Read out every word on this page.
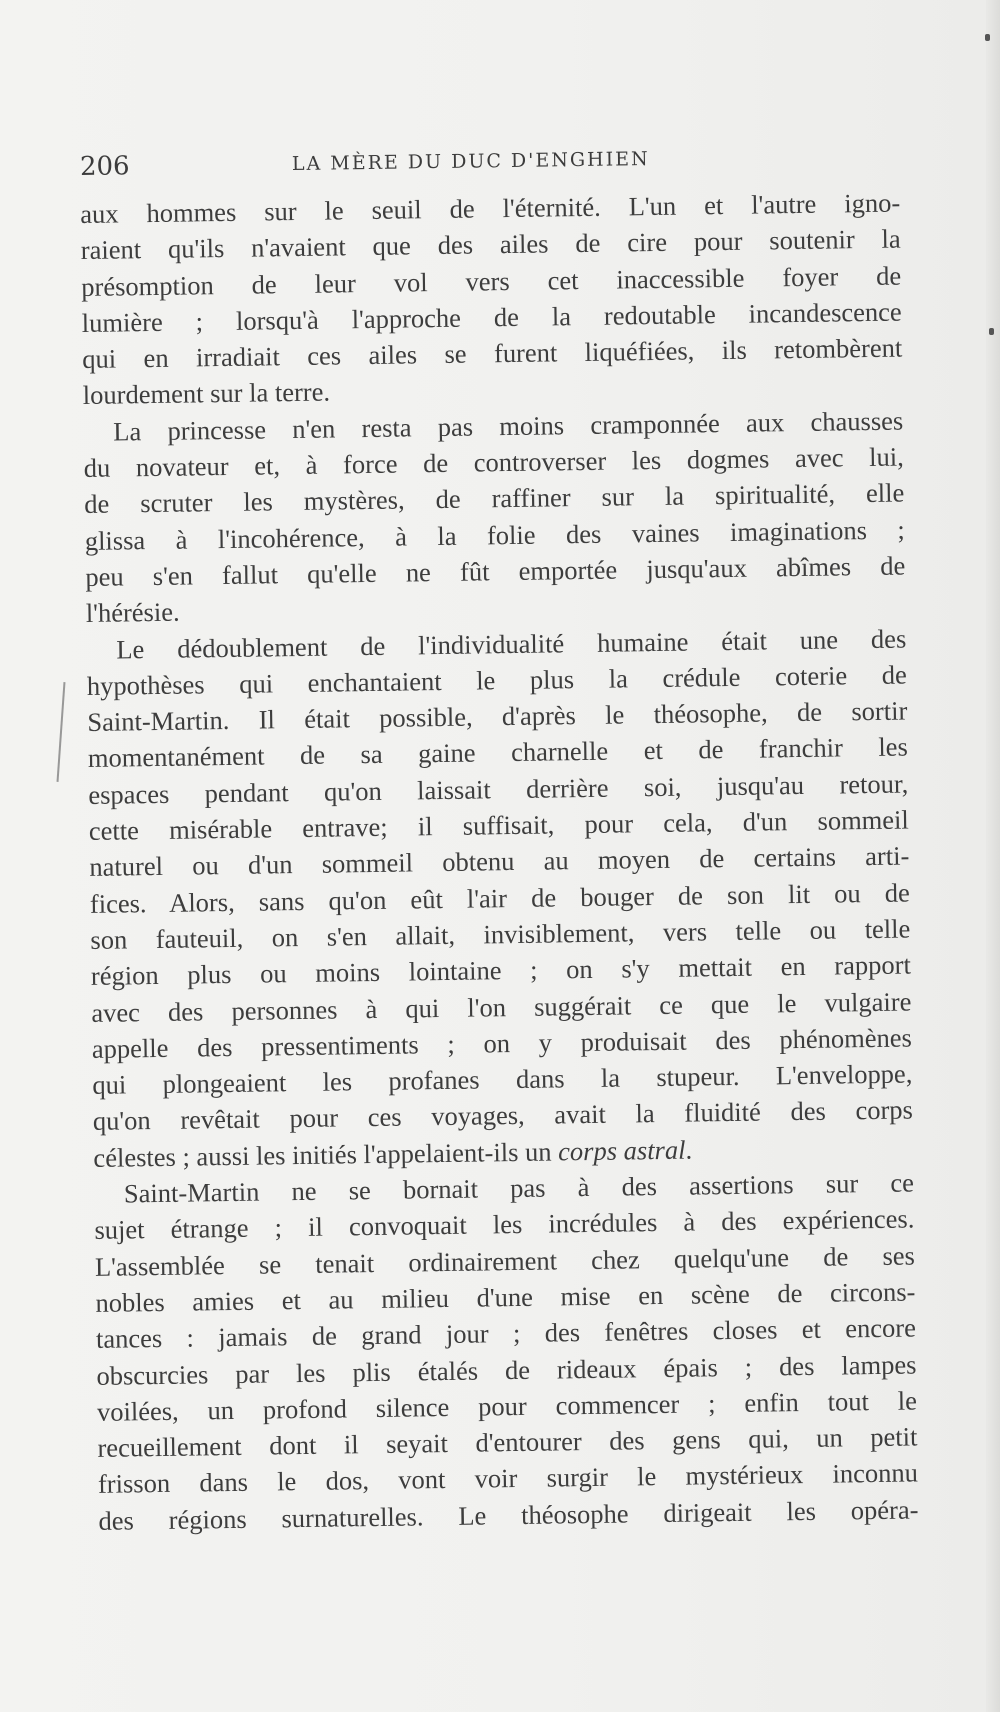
206	LA MÈRE DU DUC D'ENGHIEN
aux hommes sur le seuil de l'éternité. L'un et l'autre igno-
raient qu'ils n'avaient que des ailes de cire pour soutenir la
présomption de leur vol vers cet inaccessible foyer de
lumière ; lorsqu'à l'approche de la redoutable incandescence
qui en irradiait ces ailes se furent liquéfiées, ils retombèrent
lourdement sur la terre.
La princesse n'en resta pas moins cramponnée aux chausses
du novateur et, à force de controverser les dogmes avec lui,
de scruter les mystères, de raffiner sur la spiritualité, elle
glissa à l'incohérence, à la folie des vaines imaginations ;
peu s'en fallut qu'elle ne fût emportée jusqu'aux abîmes de
l'hérésie.
Le dédoublement de l'individualité humaine était une des
hypothèses qui enchantaient le plus la crédule coterie de
Saint-Martin. Il était possible, d'après le théosophe, de sortir
momentanément de sa gaine charnelle et de franchir les
espaces pendant qu'on laissait derrière soi, jusqu'au retour,
cette misérable entrave; il suffisait, pour cela, d'un sommeil
naturel ou d'un sommeil obtenu au moyen de certains arti-
fices. Alors, sans qu'on eût l'air de bouger de son lit ou de
son fauteuil, on s'en allait, invisiblement, vers telle ou telle
région plus ou moins lointaine ; on s'y mettait en rapport
avec des personnes à qui l'on suggérait ce que le vulgaire
appelle des pressentiments ; on y produisait des phénomènes
qui plongeaient les profanes dans la stupeur. L'enveloppe,
qu'on revêtait pour ces voyages, avait la fluidité des corps
célestes ; aussi les initiés l'appelaient-ils un corps astral.
Saint-Martin ne se bornait pas à des assertions sur ce
sujet étrange ; il convoquait les incrédules à des expériences.
L'assemblée se tenait ordinairement chez quelqu'une de ses
nobles amies et au milieu d'une mise en scène de circons-
tances : jamais de grand jour ; des fenêtres closes et encore
obscurcies par les plis étalés de rideaux épais ; des lampes
voilées, un profond silence pour commencer ; enfin tout le
recueillement dont il seyait d'entourer des gens qui, un petit
frisson dans le dos, vont voir surgir le mystérieux inconnu
des régions surnaturelles. Le théosophe dirigeait les opéra-
